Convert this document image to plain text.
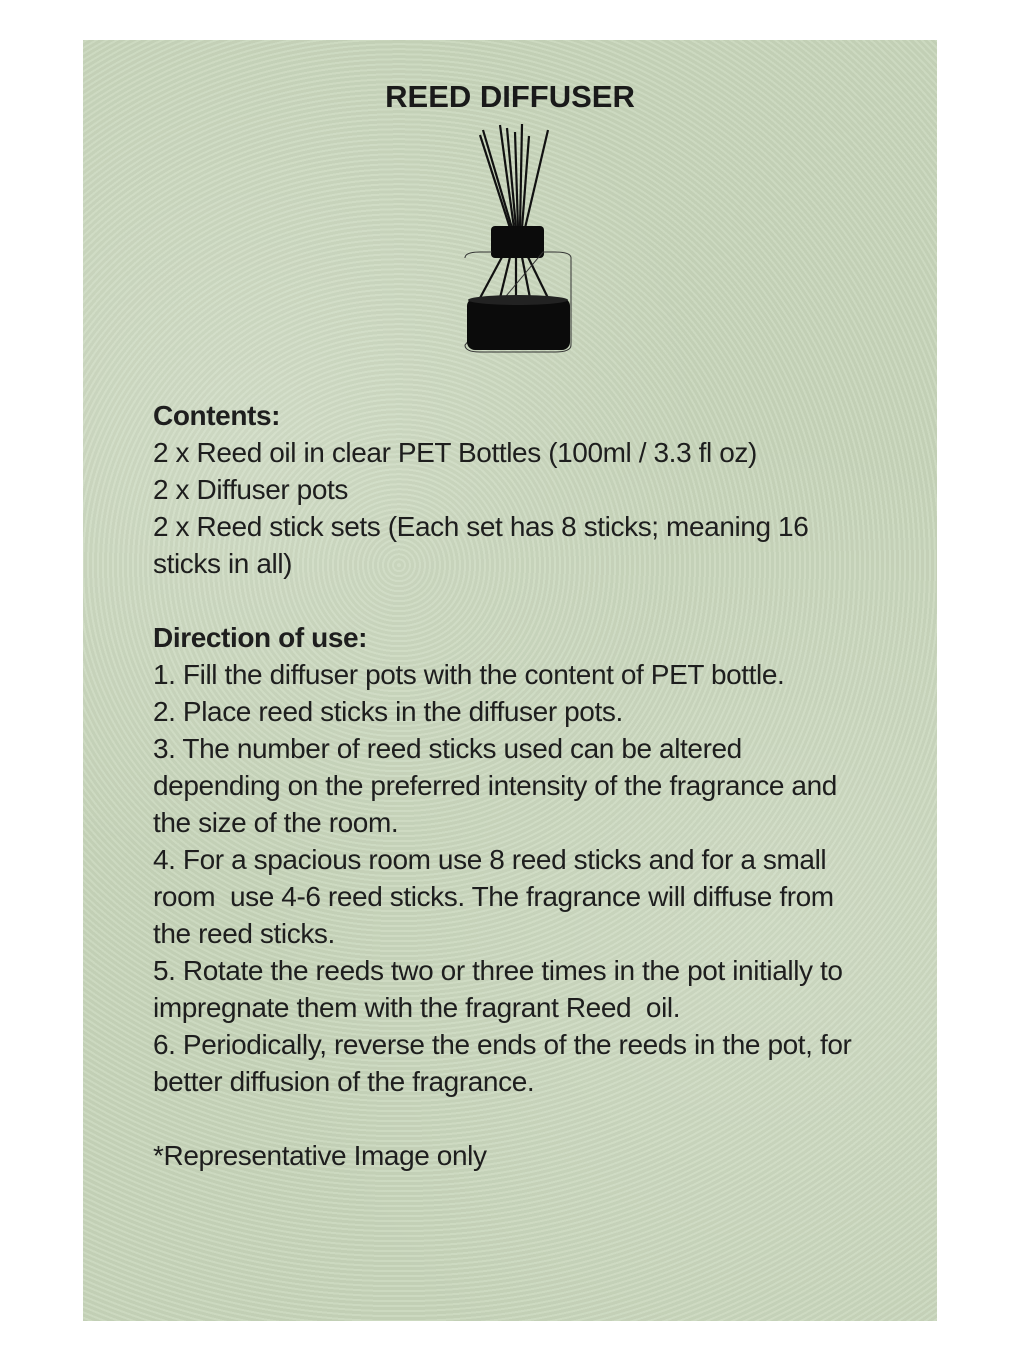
REED DIFFUSER

Contents:

2 x Reed oil in clear PET Bottles (100ml / 3.3 fl oz)

2 x Diffuser pots

2 x Reed stick sets (Each set has 8 sticks; meaning 16 sticks in all)

Direction of use:

1. Fill the diffuser pots with the content of PET bottle.

2. Place reed sticks in the diffuser pots.

3. The number of reed sticks used can be altered depending on the preferred intensity of the fragrance and the size of the room.

4. For a spacious room use 8 reed sticks and for a small room  use 4-6 reed sticks. The fragrance will diffuse from the reed sticks.

5. Rotate the reeds two or three times in the pot initially to impregnate them with the fragrant Reed  oil.

6. Periodically, reverse the ends of the reeds in the pot, for better diffusion of the fragrance.

*Representative Image only
